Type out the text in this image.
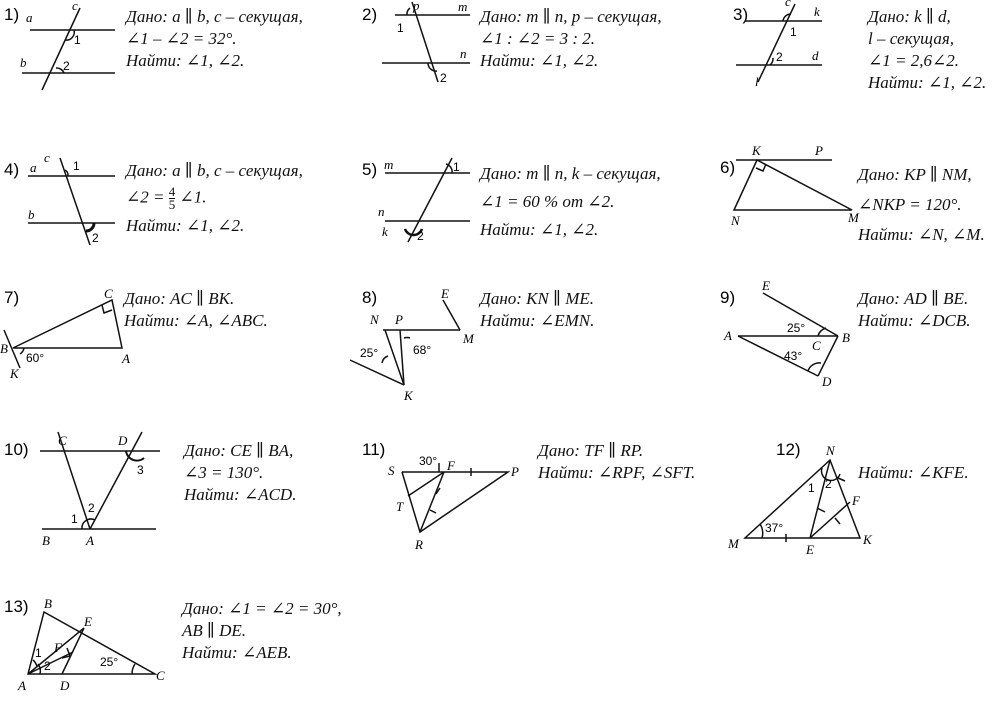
1) a
b
c
1
2
2)	p	m
n
1
2
3)
c
k
d
l
1
2
4) a
b
c
1
2
5) m
n
k
1
2
6)
K	P
N	M
7)	C
B
A
K
60°
8)
N P
E
M
K
25°	68°
9)
E
A	B
C
D
25°
43°
10) C	D
B	A
1
2
3
11)
S	F	P
T
R
30°
12) N
F
M	E
K
1 2
37°
13) B
E
F
A	D
C
1
2	25°
Дано: a ∥ b, c – секущая,
∠1 – ∠2 = 32°.
Найти: ∠1, ∠2.
Дано: m ∥ n, p – секущая,
∠1 : ∠2 = 3 : 2.
Найти: ∠1, ∠2.
Дано: k ∥ d,
l – секущая,
∠1 = 2,6∠2.
Найти: ∠1, ∠2.
Дано: a ∥ b, c – секущая,
∠2 = $\frac{4}{5}$ ∠1.
Найти: ∠1, ∠2.
Дано: m ∥ n, k – секущая,
∠1 = 60 % от ∠2.
Найти: ∠1, ∠2.
Дано: KP ∥ NM,
∠NKP = 120°.
Найти: ∠N, ∠M.
Дано: AC ∥ BK.
Найти: ∠A, ∠ABC.
Дано: KN ∥ ME.
Найти: ∠EMN.
Дано: AD ∥ BE.
Найти: ∠DCB.
Дано: CE ∥ BA,
∠3 = 130°.
Найти: ∠ACD.
Дано: TF ∥ RP.
Найти: ∠RPF, ∠SFT.	Найти: ∠KFE.
Дано: ∠1 = ∠2 = 30°,
AB ∥ DE.
Найти: ∠AEB.
